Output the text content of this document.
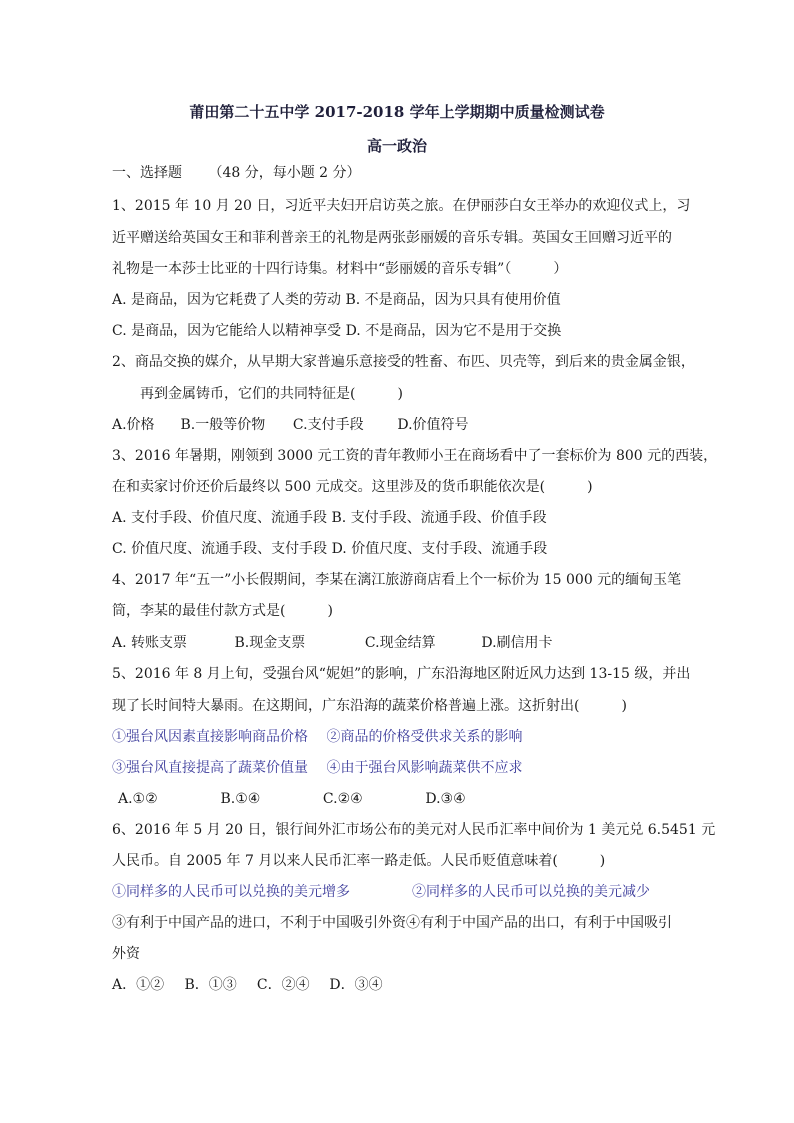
莆田第二十五中学 2017-2018 学年上学期期中质量检测试卷
高一政治
一、选择题 （48 分，每小题 2 分）
1、2015 年 10 月 20 日，习近平夫妇开启访英之旅。在伊丽莎白女王举办的欢迎仪式上，习
近平赠送给英国女王和菲利普亲王的礼物是两张彭丽媛的音乐专辑。英国女王回赠习近平的
礼物是一本莎士比亚的十四行诗集。材料中“彭丽媛的音乐专辑”（　　　）
A. 是商品，因为它耗费了人类的劳动 B. 不是商品，因为只具有使用价值
C. 是商品，因为它能给人以精神享受 D. 不是商品，因为它不是用于交换
2、商品交换的媒介，从早期大家普遍乐意接受的牲畜、布匹、贝壳等，到后来的贵金属金银，
再到金属铸币，它们的共同特征是(　　　)
A.价格 B.一般等价物 C.支付手段 D.价值符号
3、2016 年暑期，刚领到 3000 元工资的青年教师小王在商场看中了一套标价为 800 元的西装，
在和卖家讨价还价后最终以 500 元成交。这里涉及的货币职能依次是(　　　)
A. 支付手段、价值尺度、流通手段 B. 支付手段、流通手段、价值手段
C. 价值尺度、流通手段、支付手段 D. 价值尺度、支付手段、流通手段
4、2017 年“五一”小长假期间，李某在漓江旅游商店看上个一标价为 15 000 元的缅甸玉笔
筒，李某的最佳付款方式是(　　　)
A. 转账支票	B.现金支票	C.现金结算	D.刷信用卡
5、2016 年 8 月上旬，受强台风“妮妲”的影响，广东沿海地区附近风力达到 13-15 级，并出
现了长时间特大暴雨。在这期间，广东沿海的蔬菜价格普遍上涨。这折射出(　　　)
①强台风因素直接影响商品价格　 ②商品的价格受供求关系的影响
③强台风直接提高了蔬菜价值量　 ④由于强台风影响蔬菜供不应求
A.①②	B.①④	C.②④	D.③④
6、2016 年 5 月 20 日，银行间外汇市场公布的美元对人民币汇率中间价为 1 美元兑 6.5451 元
人民币。自 2005 年 7 月以来人民币汇率一路走低。人民币贬值意味着(　　　)
①同样多的人民币可以兑换的美元增多	②同样多的人民币可以兑换的美元减少
③有利于中国产品的进口，不利于中国吸引外资④有利于中国产品的出口，有利于中国吸引
外资
A．①② B．①③ C．②④ D．③④
